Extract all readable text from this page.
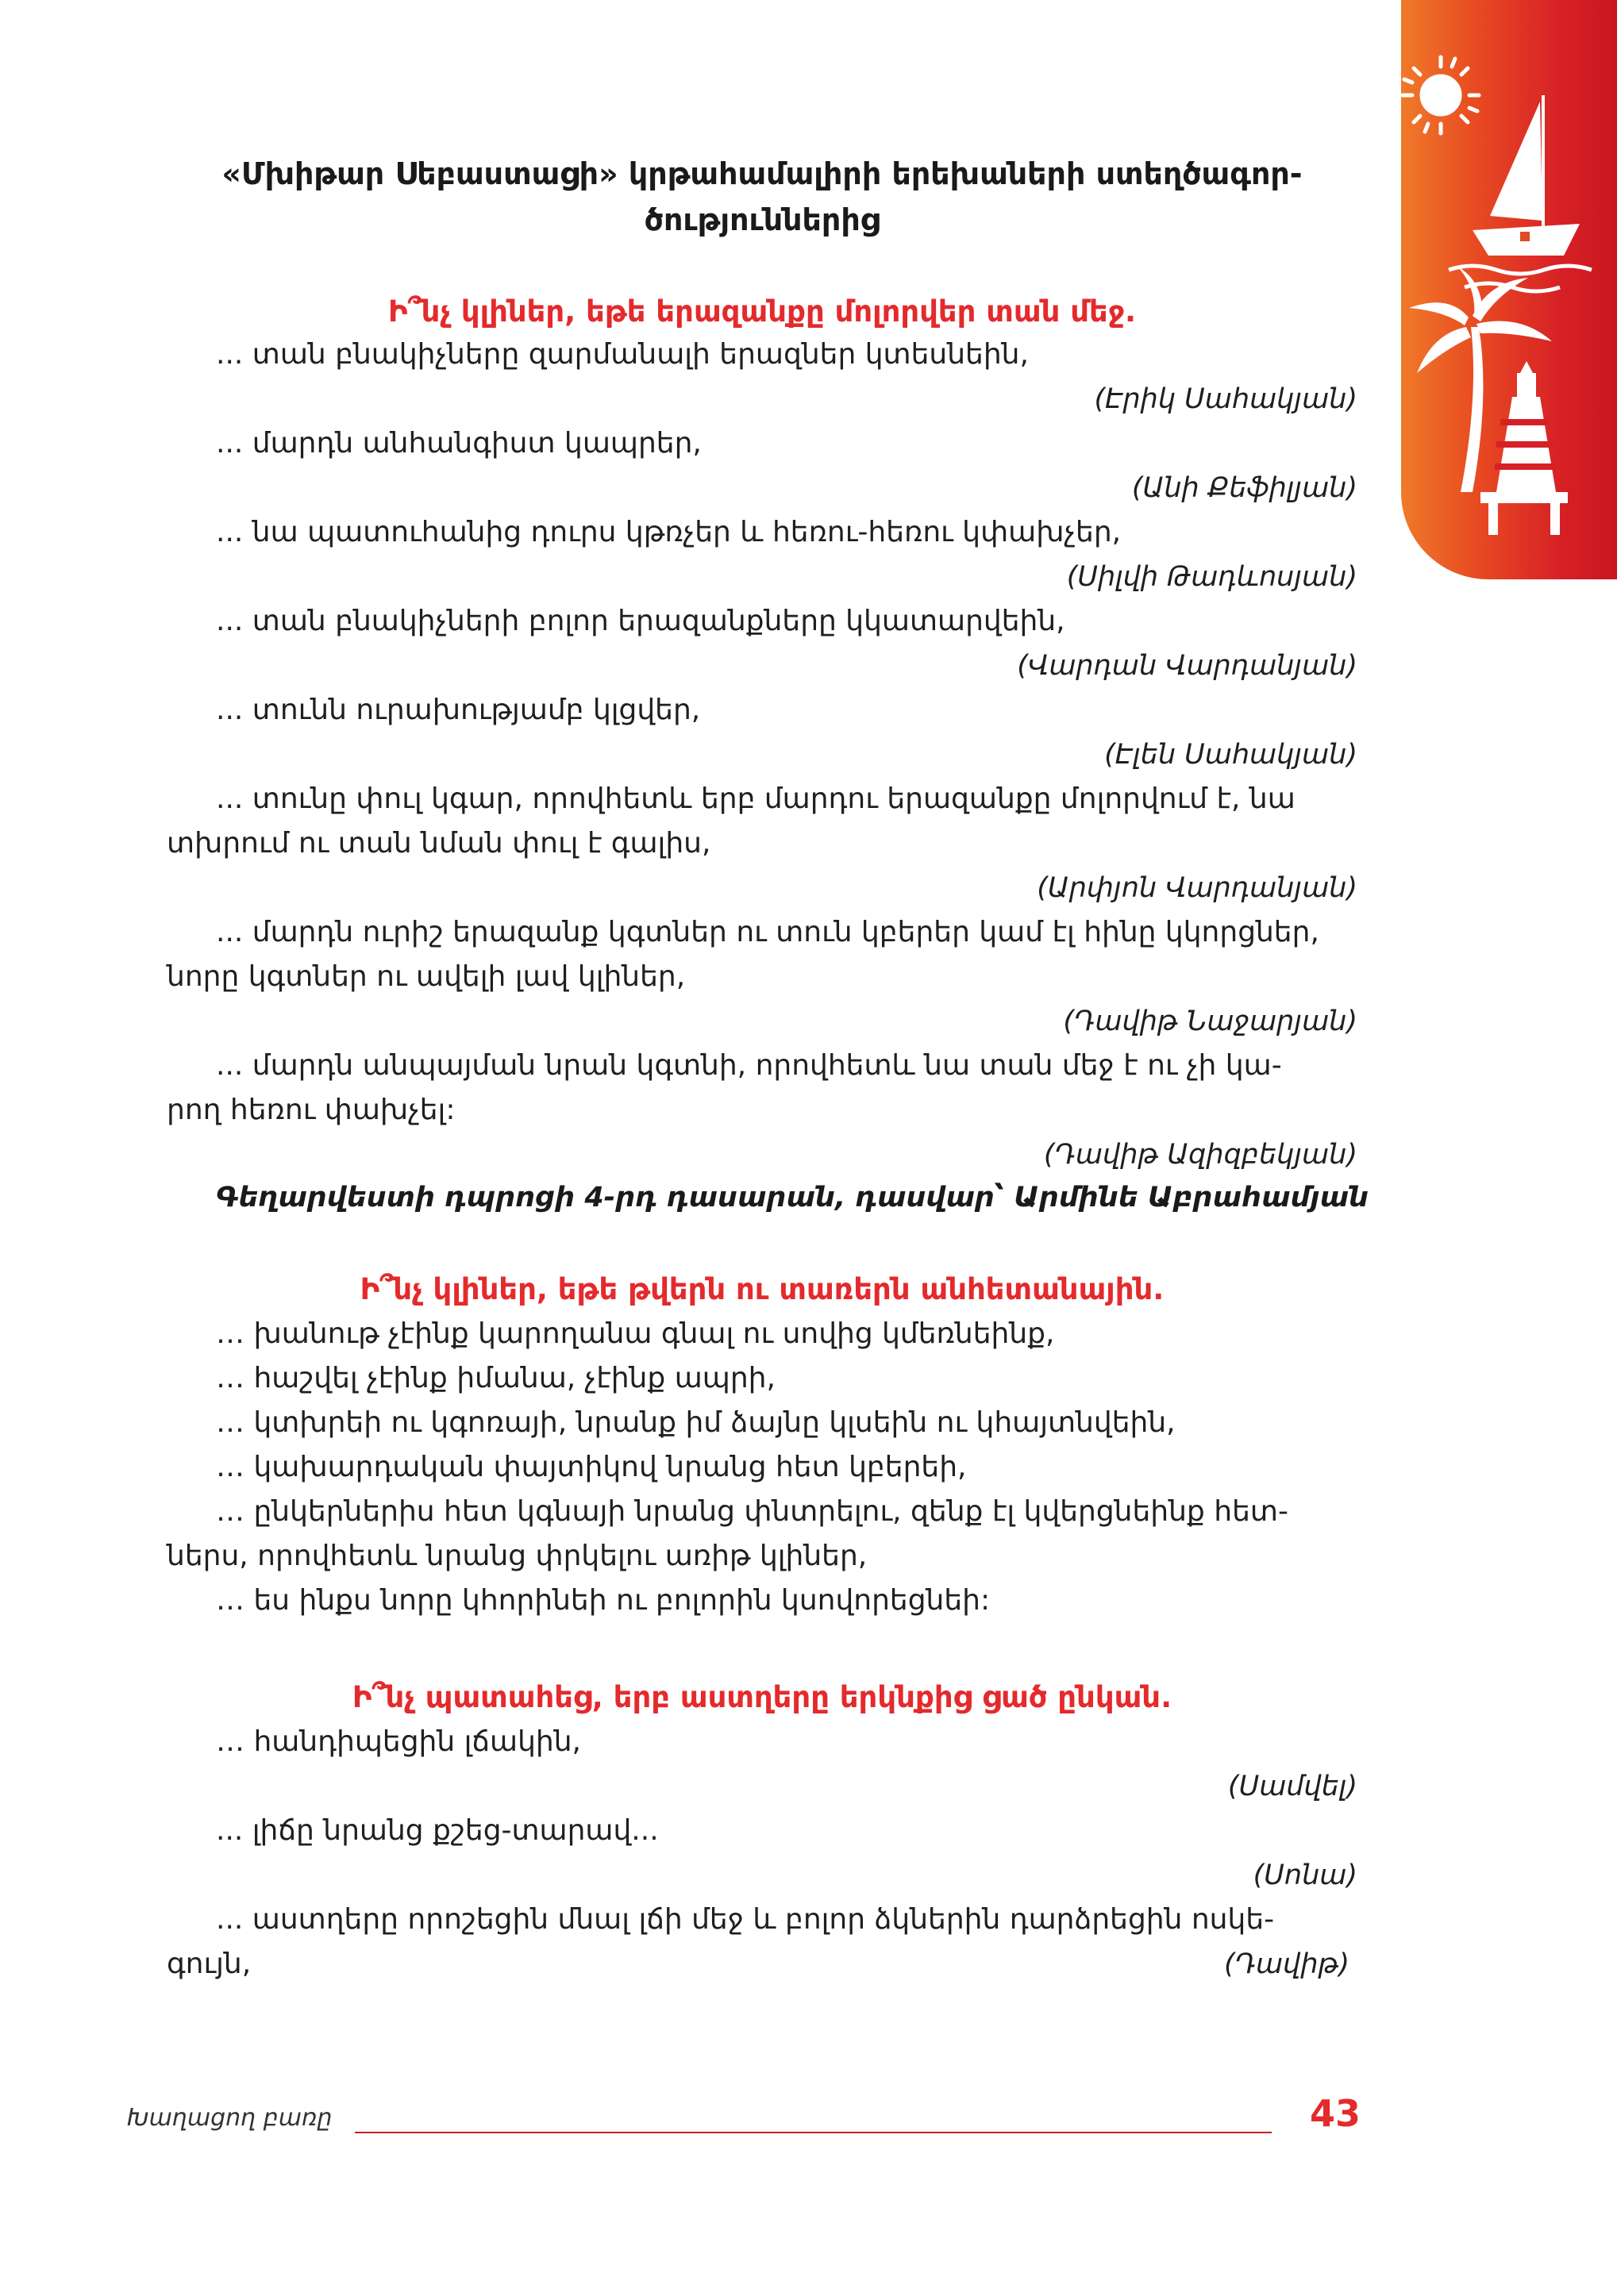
«Մխիթար Սեբաստացի» կրթահամալիրի երեխաների ստեղծագոր-
ծություններից
Ի՞նչ կլիներ, եթե երազանքը մոլորվեր տան մեջ.
... տան բնակիչները զարմանալի երազներ կտեսնեին,
(Էրիկ Սահակյան)
... մարդն անհանգիստ կապրեր,
(Անի Քեֆիլյան)
... նա պատուհանից դուրս կթռչեր և հեռու-հեռու կփախչեր,
(Սիլվի Թադևոսյան)
... տան բնակիչների բոլոր երազանքները կկատարվեին,
(Վարդան Վարդանյան)
... տունն ուրախությամբ կլցվեր,
(Էլեն Սահակյան)
... տունը փուլ կգար, որովհետև երբ մարդու երազանքը մոլորվում է, նա
տխրում ու տան նման փուլ է գալիս,
(Արփյոն Վարդանյան)
... մարդն ուրիշ երազանք կգտներ ու տուն կբերեր կամ էլ հինը կկորցներ,
նորը կգտներ ու ավելի լավ կլիներ,
(Դավիթ Նաջարյան)
... մարդն անպայման նրան կգտնի, որովհետև նա տան մեջ է ու չի կա-
րող հեռու փախչել:
(Դավիթ Ազիզբեկյան)
Գեղարվեստի դպրոցի 4-րդ դասարան, դասվար՝ Արմինե Աբրահամյան
Ի՞նչ կլիներ, եթե թվերն ու տառերն անհետանային.
… խանութ չէինք կարողանա գնալ ու սովից կմեռնեինք,
… հաշվել չէինք իմանա, չէինք ապրի,
… կտխրեի ու կգոռայի, նրանք իմ ձայնը կլսեին ու կհայտնվեին,
… կախարդական փայտիկով նրանց հետ կբերեի,
… ընկերներիս հետ կգնայի նրանց փնտրելու, զենք էլ կվերցնեինք հետ-
ներս, որովհետև նրանց փրկելու առիթ կլիներ,
… ես ինքս նորը կհորինեի ու բոլորին կսովորեցնեի:
Ի՞նչ պատահեց, երբ աստղերը երկնքից ցած ընկան.
… հանդիպեցին լճակին,
(Սամվել)
... լիճը նրանց քշեց-տարավ...
(Սոնա)
... աստղերը որոշեցին մնալ լճի մեջ և բոլոր ձկներին դարձրեցին ոսկե-
գույն,	(Դավիթ)
Խաղացող բառը	43
